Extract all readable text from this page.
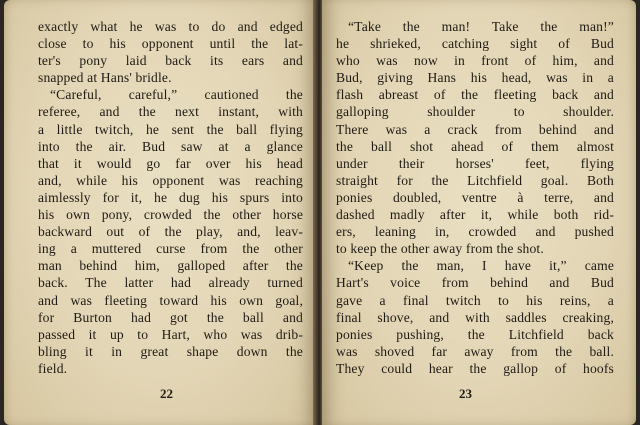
exactly what he was to do and edged
close to his opponent until the lat-
ter's pony laid back its ears and
snapped at Hans' bridle.
“Careful, careful,” cautioned the
referee, and the next instant, with
a little twitch, he sent the ball flying
into the air. Bud saw at a glance
that it would go far over his head
and, while his opponent was reaching
aimlessly for it, he dug his spurs into
his own pony, crowded the other horse
backward out of the play, and, leav-
ing a muttered curse from the other
man behind him, galloped after the
back. The latter had already turned
and was fleeting toward his own goal,
for Burton had got the ball and
passed it up to Hart, who was drib-
bling it in great shape down the
field.
22
“Take the man! Take the man!”
he shrieked, catching sight of Bud
who was now in front of him, and
Bud, giving Hans his head, was in a
flash abreast of the fleeting back and
galloping shoulder to shoulder.
There was a crack from behind and
the ball shot ahead of them almost
under their horses' feet, flying
straight for the Litchfield goal. Both
ponies doubled, ventre à terre, and
dashed madly after it, while both rid-
ers, leaning in, crowded and pushed
to keep the other away from the shot.
“Keep the man, I have it,” came
Hart's voice from behind and Bud
gave a final twitch to his reins, a
final shove, and with saddles creaking,
ponies pushing, the Litchfield back
was shoved far away from the ball.
They could hear the gallop of hoofs
23
